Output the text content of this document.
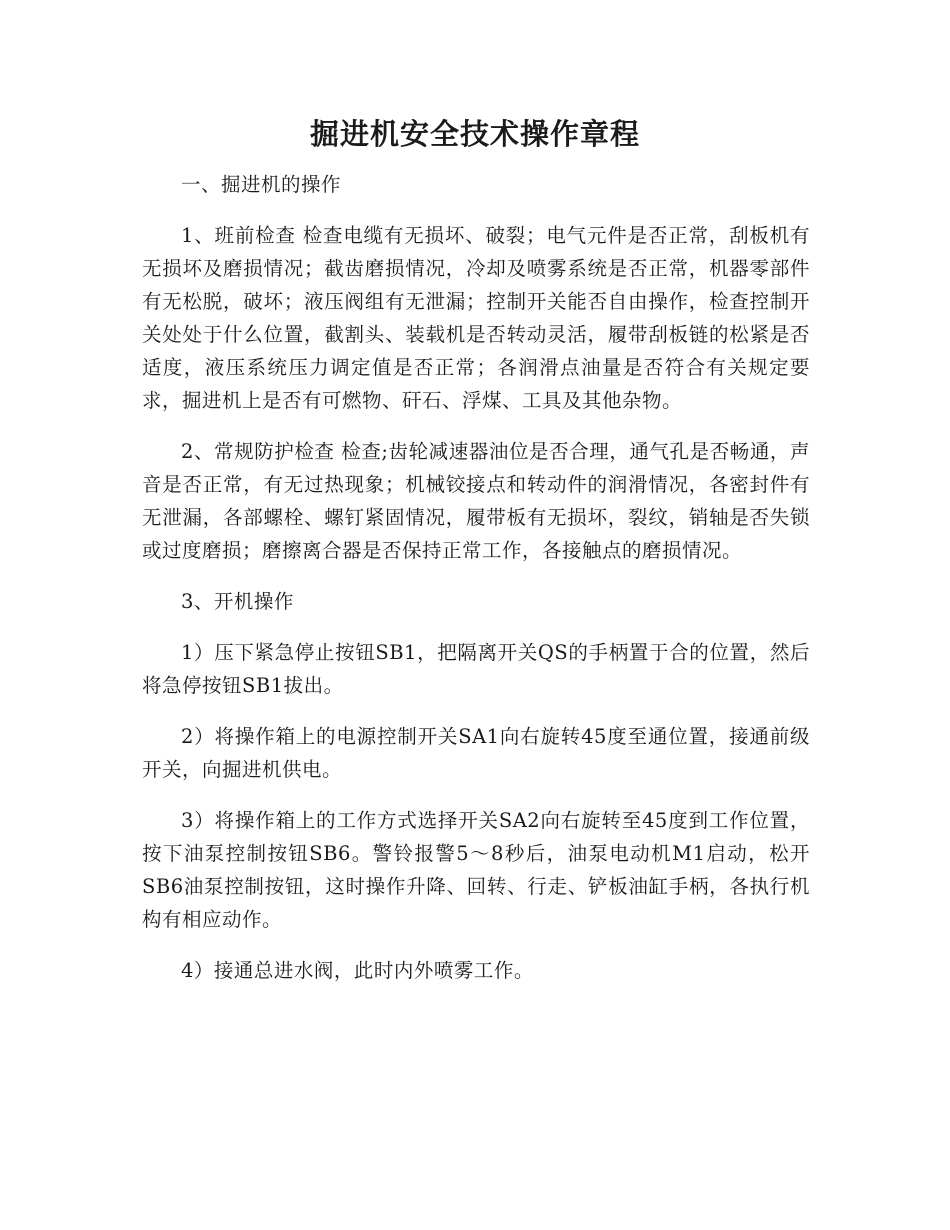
掘进机安全技术操作章程

一、掘进机的操作

1、班前检查 检查电缆有无损坏、破裂；电气元件是否正常，刮板机有无损坏及磨损情况；截齿磨损情况，冷却及喷雾系统是否正常，机器零部件有无松脱，破坏；液压阀组有无泄漏；控制开关能否自由操作，检查控制开关处处于什么位置，截割头、装载机是否转动灵活，履带刮板链的松紧是否适度，液压系统压力调定值是否正常；各润滑点油量是否符合有关规定要求，掘进机上是否有可燃物、矸石、浮煤、工具及其他杂物。

2、常规防护检查 检查;齿轮减速器油位是否合理，通气孔是否畅通，声音是否正常，有无过热现象；机械铰接点和转动件的润滑情况，各密封件有无泄漏，各部螺栓、螺钉紧固情况，履带板有无损坏，裂纹，销轴是否失锁或过度磨损；磨擦离合器是否保持正常工作，各接触点的磨损情况。

3、开机操作

1）压下紧急停止按钮SB1，把隔离开关QS的手柄置于合的位置，然后将急停按钮SB1拔出。

2）将操作箱上的电源控制开关SA1向右旋转45度至通位置，接通前级开关，向掘进机供电。

3）将操作箱上的工作方式选择开关SA2向右旋转至45度到工作位置，按下油泵控制按钮SB6。警铃报警5～8秒后，油泵电动机M1启动，松开SB6油泵控制按钮，这时操作升降、回转、行走、铲板油缸手柄，各执行机构有相应动作。

4）接通总进水阀，此时内外喷雾工作。
